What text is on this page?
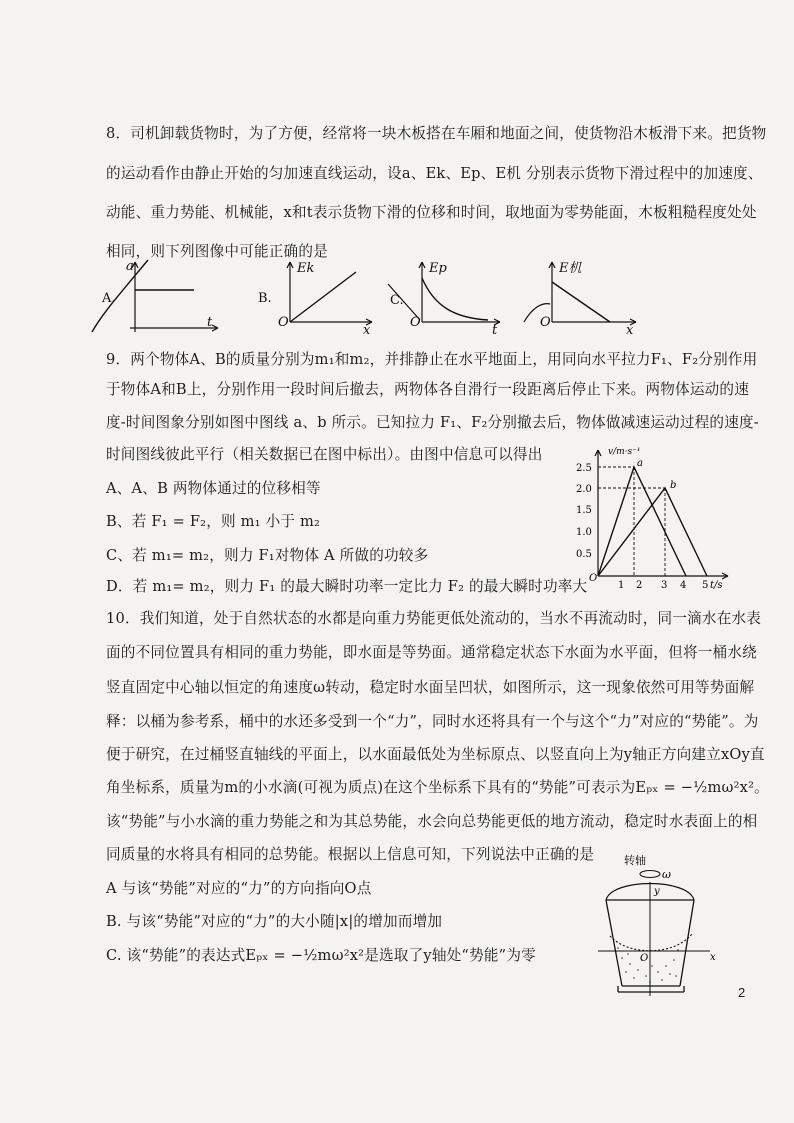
8．司机卸载货物时，为了方便，经常将一块木板搭在车厢和地面之间，使货物沿木板滑下来。把货物
的运动看作由静止开始的匀加速直线运动，设a、Ek、Ep、E机 分别表示货物下滑过程中的加速度、
动能、重力势能、机械能，x和t表示货物下滑的位移和时间，取地面为零势能面，木板粗糙程度处处
相同，则下列图像中可能正确的是
a
t
A.
Ek
x
O
B.
Ep
t
O
C.
E机
x
O
9．两个物体A、B的质量分别为m₁和m₂，并排静止在水平地面上，用同向水平拉力F₁、F₂分别作用
于物体A和B上，分别作用一段时间后撤去，两物体各自滑行一段距离后停止下来。两物体运动的速
度-时间图象分别如图中图线 a、b 所示。已知拉力 F₁、F₂分别撤去后，物体做减速运动过程的速度-
时间图线彼此平行（相关数据已在图中标出）。由图中信息可以得出
A、A、B 两物体通过的位移相等
B、若 F₁ = F₂，则 m₁ 小于 m₂
C、若 m₁= m₂，则力 F₁对物体 A 所做的功较多
D．若 m₁= m₂，则力 F₁ 的最大瞬时功率一定比力 F₂ 的最大瞬时功率大
v/m·s⁻¹
t/s
O
2.5
2.0
1.5
1.0
0.5
1 2 3 4 5
a
b
10．我们知道，处于自然状态的水都是向重力势能更低处流动的，当水不再流动时，同一滴水在水表
面的不同位置具有相同的重力势能，即水面是等势面。通常稳定状态下水面为水平面，但将一桶水绕
竖直固定中心轴以恒定的角速度ω转动，稳定时水面呈凹状，如图所示，这一现象依然可用等势面解
释：以桶为参考系，桶中的水还多受到一个“力”，同时水还将具有一个与这个“力”对应的“势能”。为
便于研究，在过桶竖直轴线的平面上，以水面最低处为坐标原点、以竖直向上为y轴正方向建立xOy直
角坐标系，质量为m的小水滴(可视为质点)在这个坐标系下具有的“势能”可表示为Eₚₓ = −½mω²x²。
该“势能”与小水滴的重力势能之和为其总势能，水会向总势能更低的地方流动，稳定时水表面上的相
同质量的水将具有相同的总势能。根据以上信息可知，下列说法中正确的是
A 与该“势能”对应的“力”的方向指向O点
B. 与该“势能”对应的“力”的大小随|x|的增加而增加
C. 该“势能”的表达式Eₚₓ = −½mω²x²是选取了y轴处“势能”为零
转轴
ω
y
x
O
2
